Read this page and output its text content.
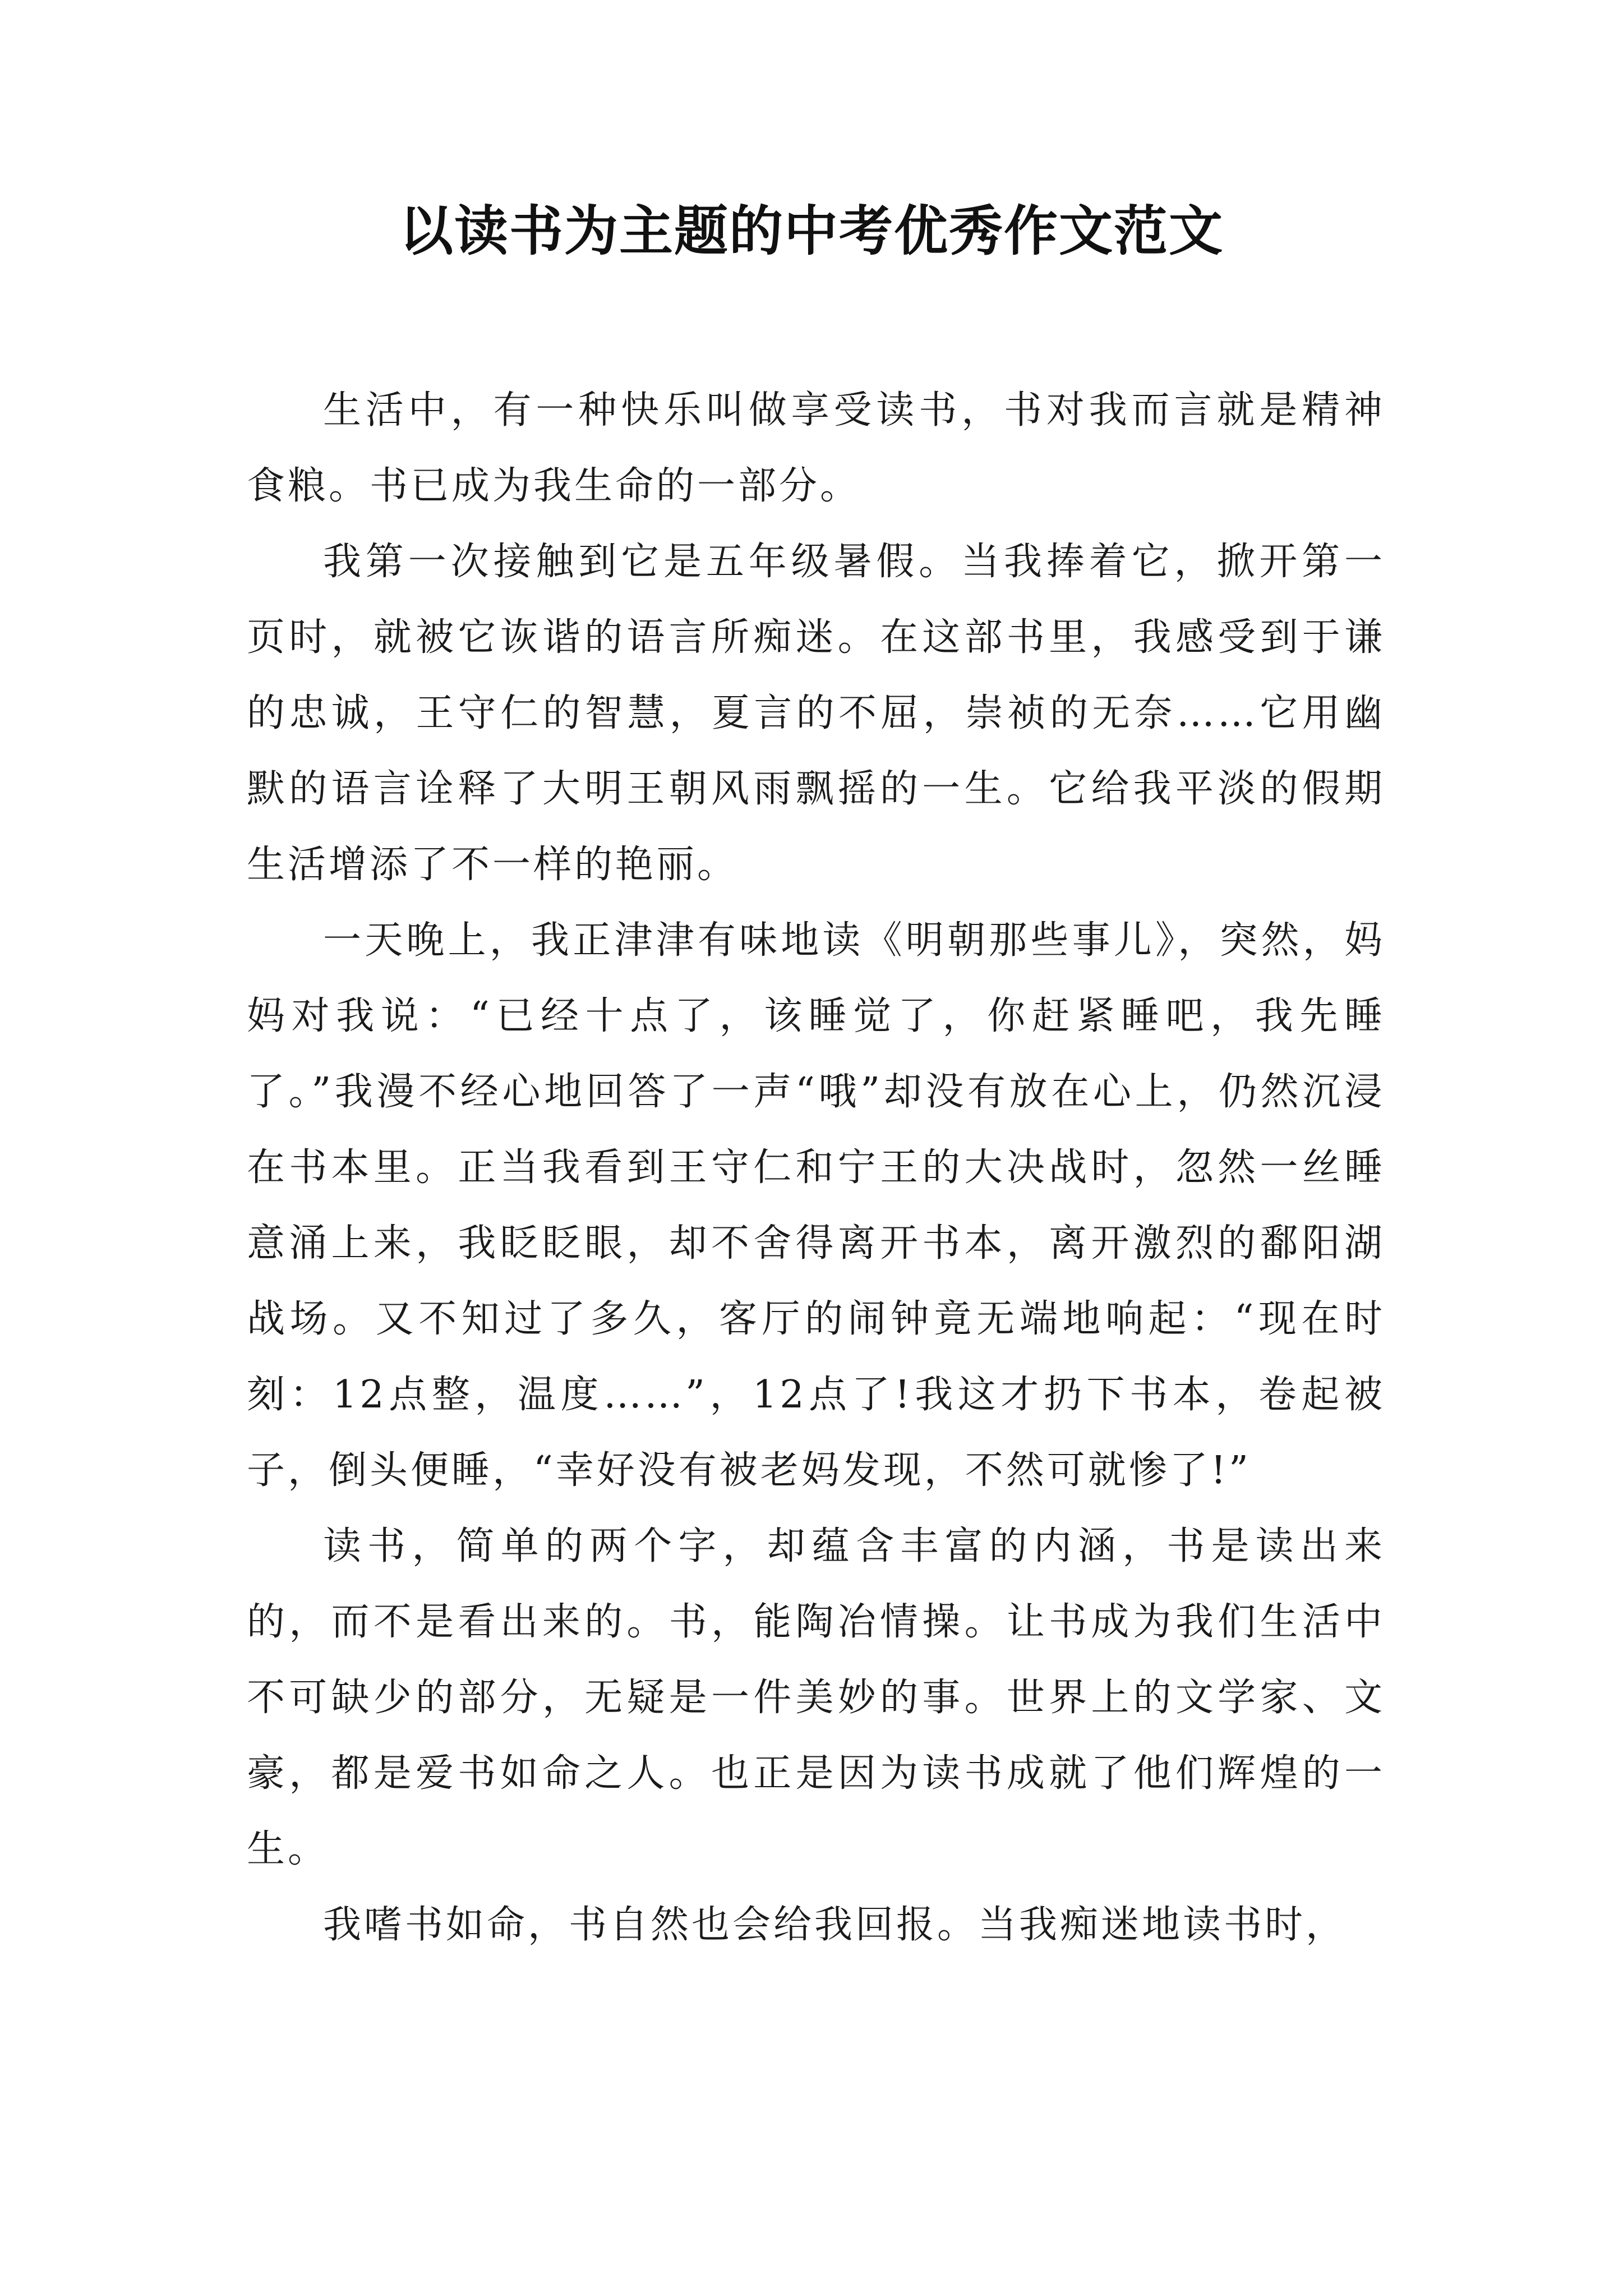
以读书为主题的中考优秀作文范文

生活中，有一种快乐叫做享受读书，书对我而言就是精神食粮。书已成为我生命的一部分。

我第一次接触到它是五年级暑假。当我捧着它，掀开第一页时，就被它诙谐的语言所痴迷。在这部书里，我感受到于谦的忠诚，王守仁的智慧，夏言的不屈，崇祯的无奈……它用幽默的语言诠释了大明王朝风雨飘摇的一生。它给我平淡的假期生活增添了不一样的艳丽。

一天晚上，我正津津有味地读《明朝那些事儿》，突然，妈妈对我说：“已经十点了，该睡觉了，你赶紧睡吧，我先睡了。”我漫不经心地回答了一声“哦”却没有放在心上，仍然沉浸在书本里。正当我看到王守仁和宁王的大决战时，忽然一丝睡意涌上来，我眨眨眼，却不舍得离开书本，离开激烈的鄱阳湖战场。又不知过了多久，客厅的闹钟竟无端地响起：“现在时刻：12点整，温度……”，12点了!我这才扔下书本，卷起被子，倒头便睡，“幸好没有被老妈发现，不然可就惨了!”

读书，简单的两个字，却蕴含丰富的内涵，书是读出来的，而不是看出来的。书，能陶冶情操。让书成为我们生活中不可缺少的部分，无疑是一件美妙的事。世界上的文学家、文豪，都是爱书如命之人。也正是因为读书成就了他们辉煌的一生。

我嗜书如命，书自然也会给我回报。当我痴迷地读书时，
